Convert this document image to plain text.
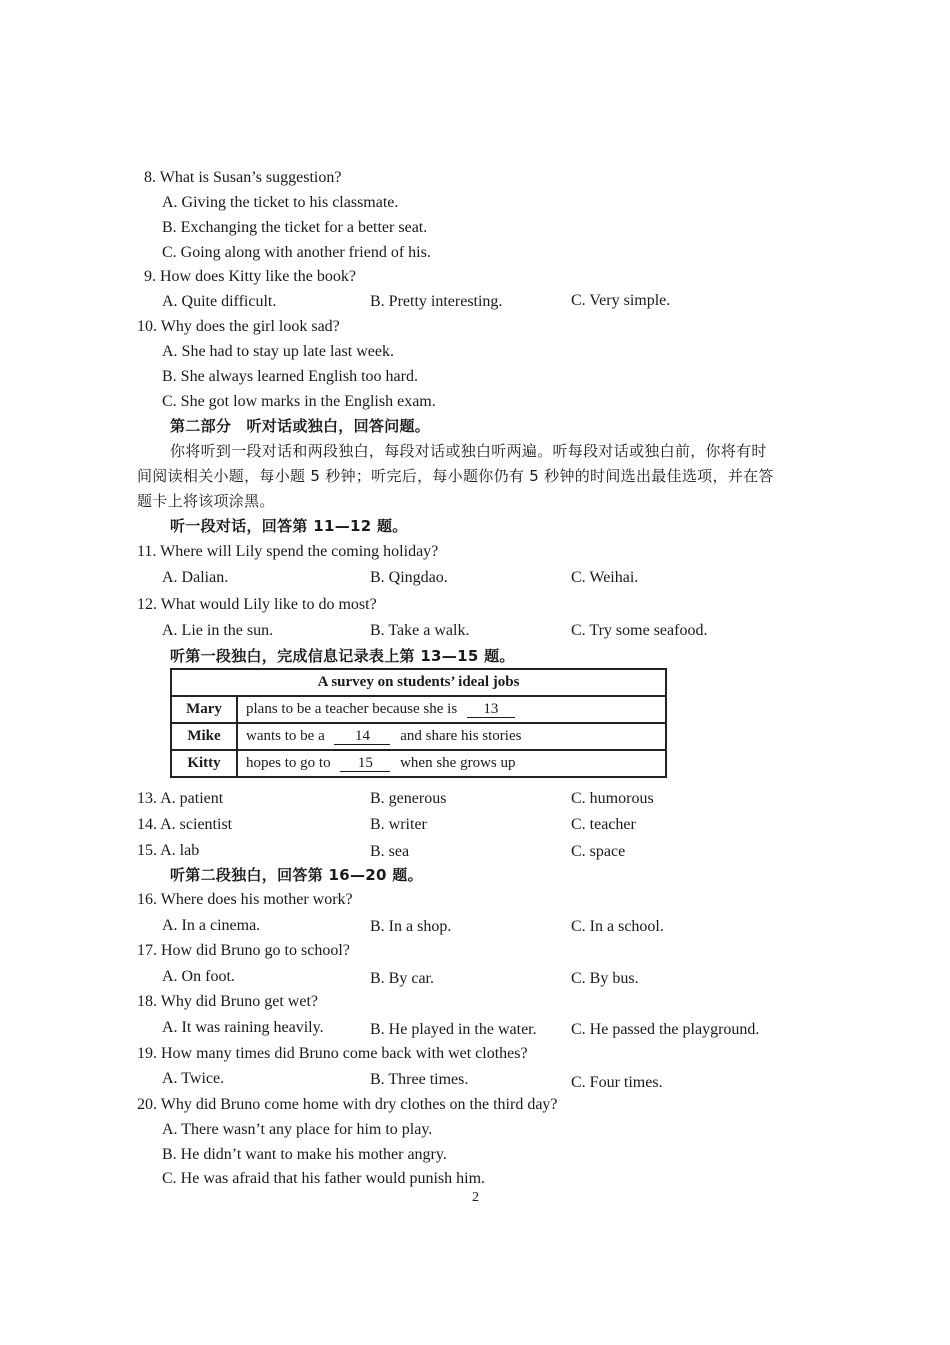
8. What is Susan’s suggestion?
A. Giving the ticket to his classmate.
B. Exchanging the ticket for a better seat.
C. Going along with another friend of his.
9. How does Kitty like the book?
A. Quite difficult.	B. Pretty interesting.	C. Very simple.
10. Why does the girl look sad?
A. She had to stay up late last week.
B. She always learned English too hard.
C. She got low marks in the English exam.
第二部分　听对话或独白，回答问题。
你将听到一段对话和两段独白，每段对话或独白听两遍。听每段对话或独白前，你将有时
间阅读相关小题，每小题 5 秒钟；听完后，每小题你仍有 5 秒钟的时间选出最佳选项，并在答
题卡上将该项涂黑。
听一段对话，回答第 11—12 题。
11. Where will Lily spend the coming holiday?
A. Dalian.	B. Qingdao.	C. Weihai.
12. What would Lily like to do most?
A. Lie in the sun.	B. Take a walk.	C. Try some seafood.
听第一段独白，完成信息记录表上第 13—15 题。
A survey on students’ ideal jobs	
Mary	plans to be a teacher because she is 13
Mike	wants to be a 14 and share his stories
Kitty	hopes to go to 15 when she grows up
13. A. patient	B. generous	C. humorous
14. A. scientist	B. writer	C. teacher
15. A. lab	B. sea	C. space
听第二段独白，回答第 16—20 题。
16. Where does his mother work?
A. In a cinema.	B. In a shop.	C. In a school.
17. How did Bruno go to school?
A. On foot.	B. By car.	C. By bus.
18. Why did Bruno get wet?
A. It was raining heavily.	B. He played in the water. C. He passed the playground.
19. How many times did Bruno come back with wet clothes?
A. Twice.	B. Three times.	C. Four times.
20. Why did Bruno come home with dry clothes on the third day?
A. There wasn’t any place for him to play.
B. He didn’t want to make his mother angry.
C. He was afraid that his father would punish him.
2
